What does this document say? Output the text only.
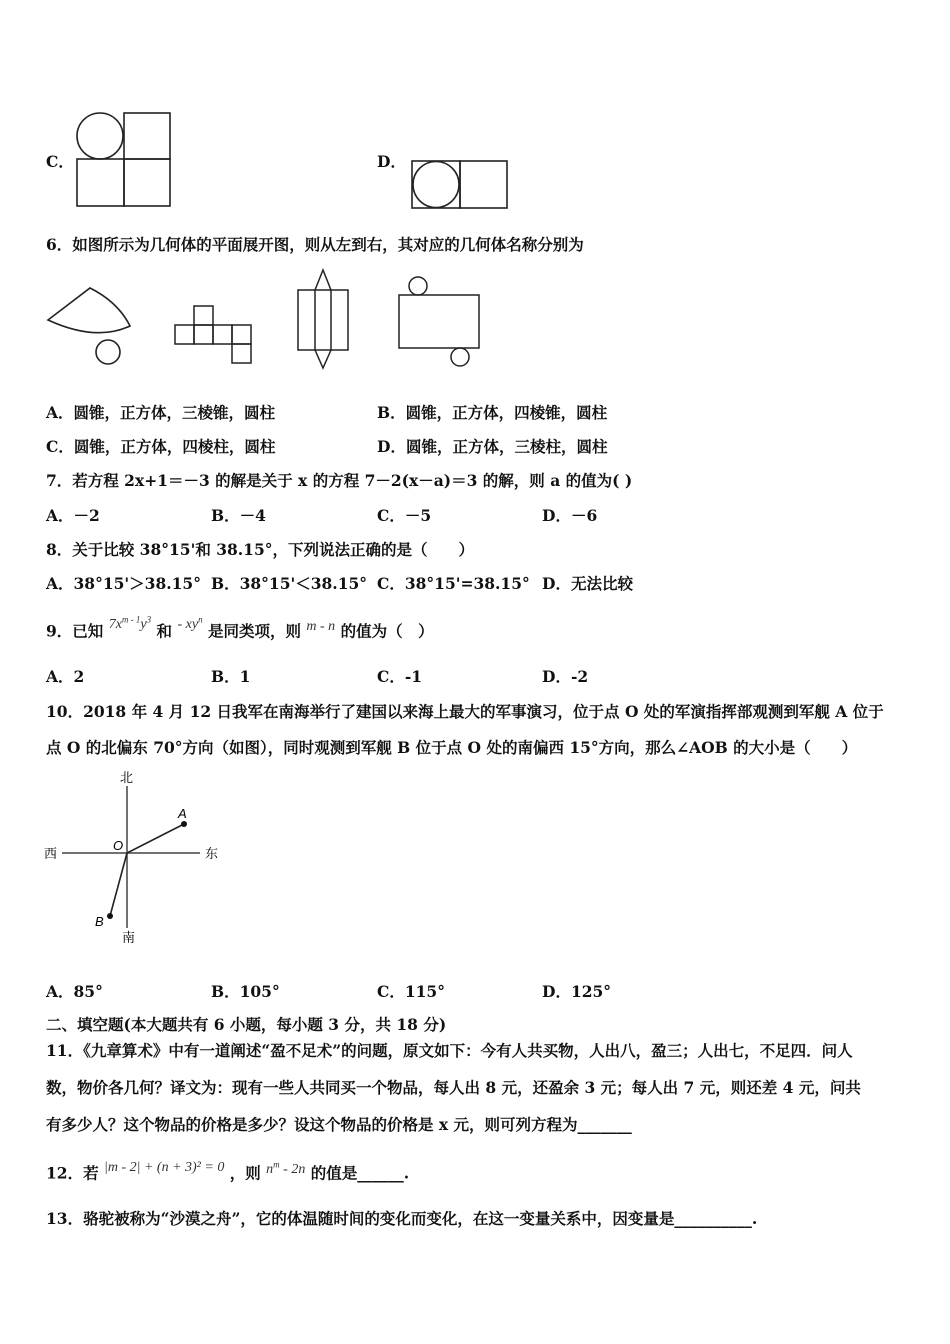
C．	D．
6．如图所示为几何体的平面展开图，则从左到右，其对应的几何体名称分别为
A．圆锥，正方体，三棱锥，圆柱	B．圆锥，正方体，四棱锥，圆柱
C．圆锥，正方体，四棱柱，圆柱	D．圆锥，正方体，三棱柱，圆柱
7．若方程 2x+1＝－3 的解是关于 x 的方程 7－2(x－a)＝3 的解，则 a 的值为( )
A．－2	B．－4	C．－5	D．－6
8．关于比较 38°15'和 38.15°，下列说法正确的是（　　）
A．38°15'＞38.15° B．38°15'＜38.15° C．38°15'=38.15° D．无法比较
9．已知 $7x^{m - 1}y^3$ 和 - $xy^n$ 是同类项，则 m - n 的值为（　）
A．2	B．1	C．-1	D．-2
10．2018 年 4 月 12 日我军在南海举行了建国以来海上最大的军事演习，位于点 O 处的军演指挥部观测到军舰 A 位于
点 O 的北偏东 70°方向（如图），同时观测到军舰 B 位于点 O 处的南偏西 15°方向，那么∠AOB 的大小是（　　）
北
南
东
西
O
A
B
A．85°	B．105°	C．115°	D．125°
二、填空题(本大题共有 6 小题，每小题 3 分，共 18 分)
11．《九章算术》中有一道阐述“盈不足术”的问题，原文如下：今有人共买物，人出八，盈三；人出七，不足四．问人
数，物价各几何？译文为：现有一些人共同买一个物品，每人出 8 元，还盈余 3 元；每人出 7 元，则还差 4 元，问共
有多少人？这个物品的价格是多少？设这个物品的价格是 x 元，则可列方程为_______
12．若 |m - 2| + (n + 3)² = 0 ，则 $n^m - 2n$ 的值是______.
13．骆驼被称为“沙漠之舟”，它的体温随时间的变化而变化，在这一变量关系中，因变量是__________.
